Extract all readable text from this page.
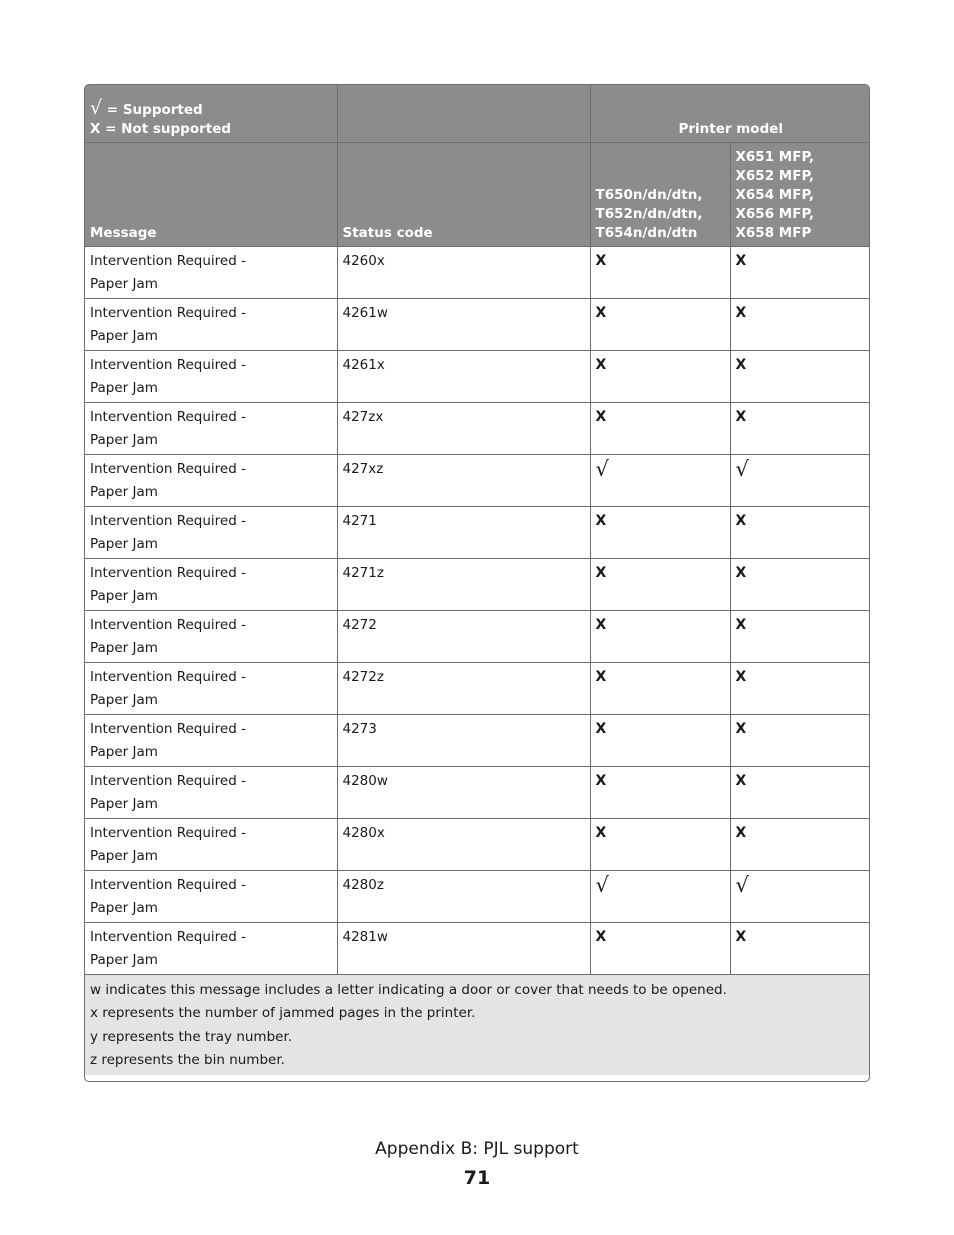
√ = Supported
X = Not supported		Printer model	
Message	Status code	T650n/dn/dtn,
T652n/dn/dtn,
T654n/dn/dtn	X651 MFP,
X652 MFP,
X654 MFP,
X656 MFP,
X658 MFP

Intervention Required -
Paper Jam	4260x	X	X

Intervention Required -
Paper Jam	4261w	X	X

Intervention Required -
Paper Jam	4261x	X	X

Intervention Required -
Paper Jam	427zx	X	X

Intervention Required -
Paper Jam	427xz	√	√

Intervention Required -
Paper Jam	4271	X	X

Intervention Required -
Paper Jam	4271z	X	X

Intervention Required -
Paper Jam	4272	X	X

Intervention Required -
Paper Jam	4272z	X	X

Intervention Required -
Paper Jam	4273	X	X

Intervention Required -
Paper Jam	4280w	X	X

Intervention Required -
Paper Jam	4280x	X	X

Intervention Required -
Paper Jam	4280z	√	√

Intervention Required -
Paper Jam	4281w	X	X

w indicates this message includes a letter indicating a door or cover that needs to be opened.
x represents the number of jammed pages in the printer.
y represents the tray number.
z represents the bin number.			
Appendix B: PJL support
71
